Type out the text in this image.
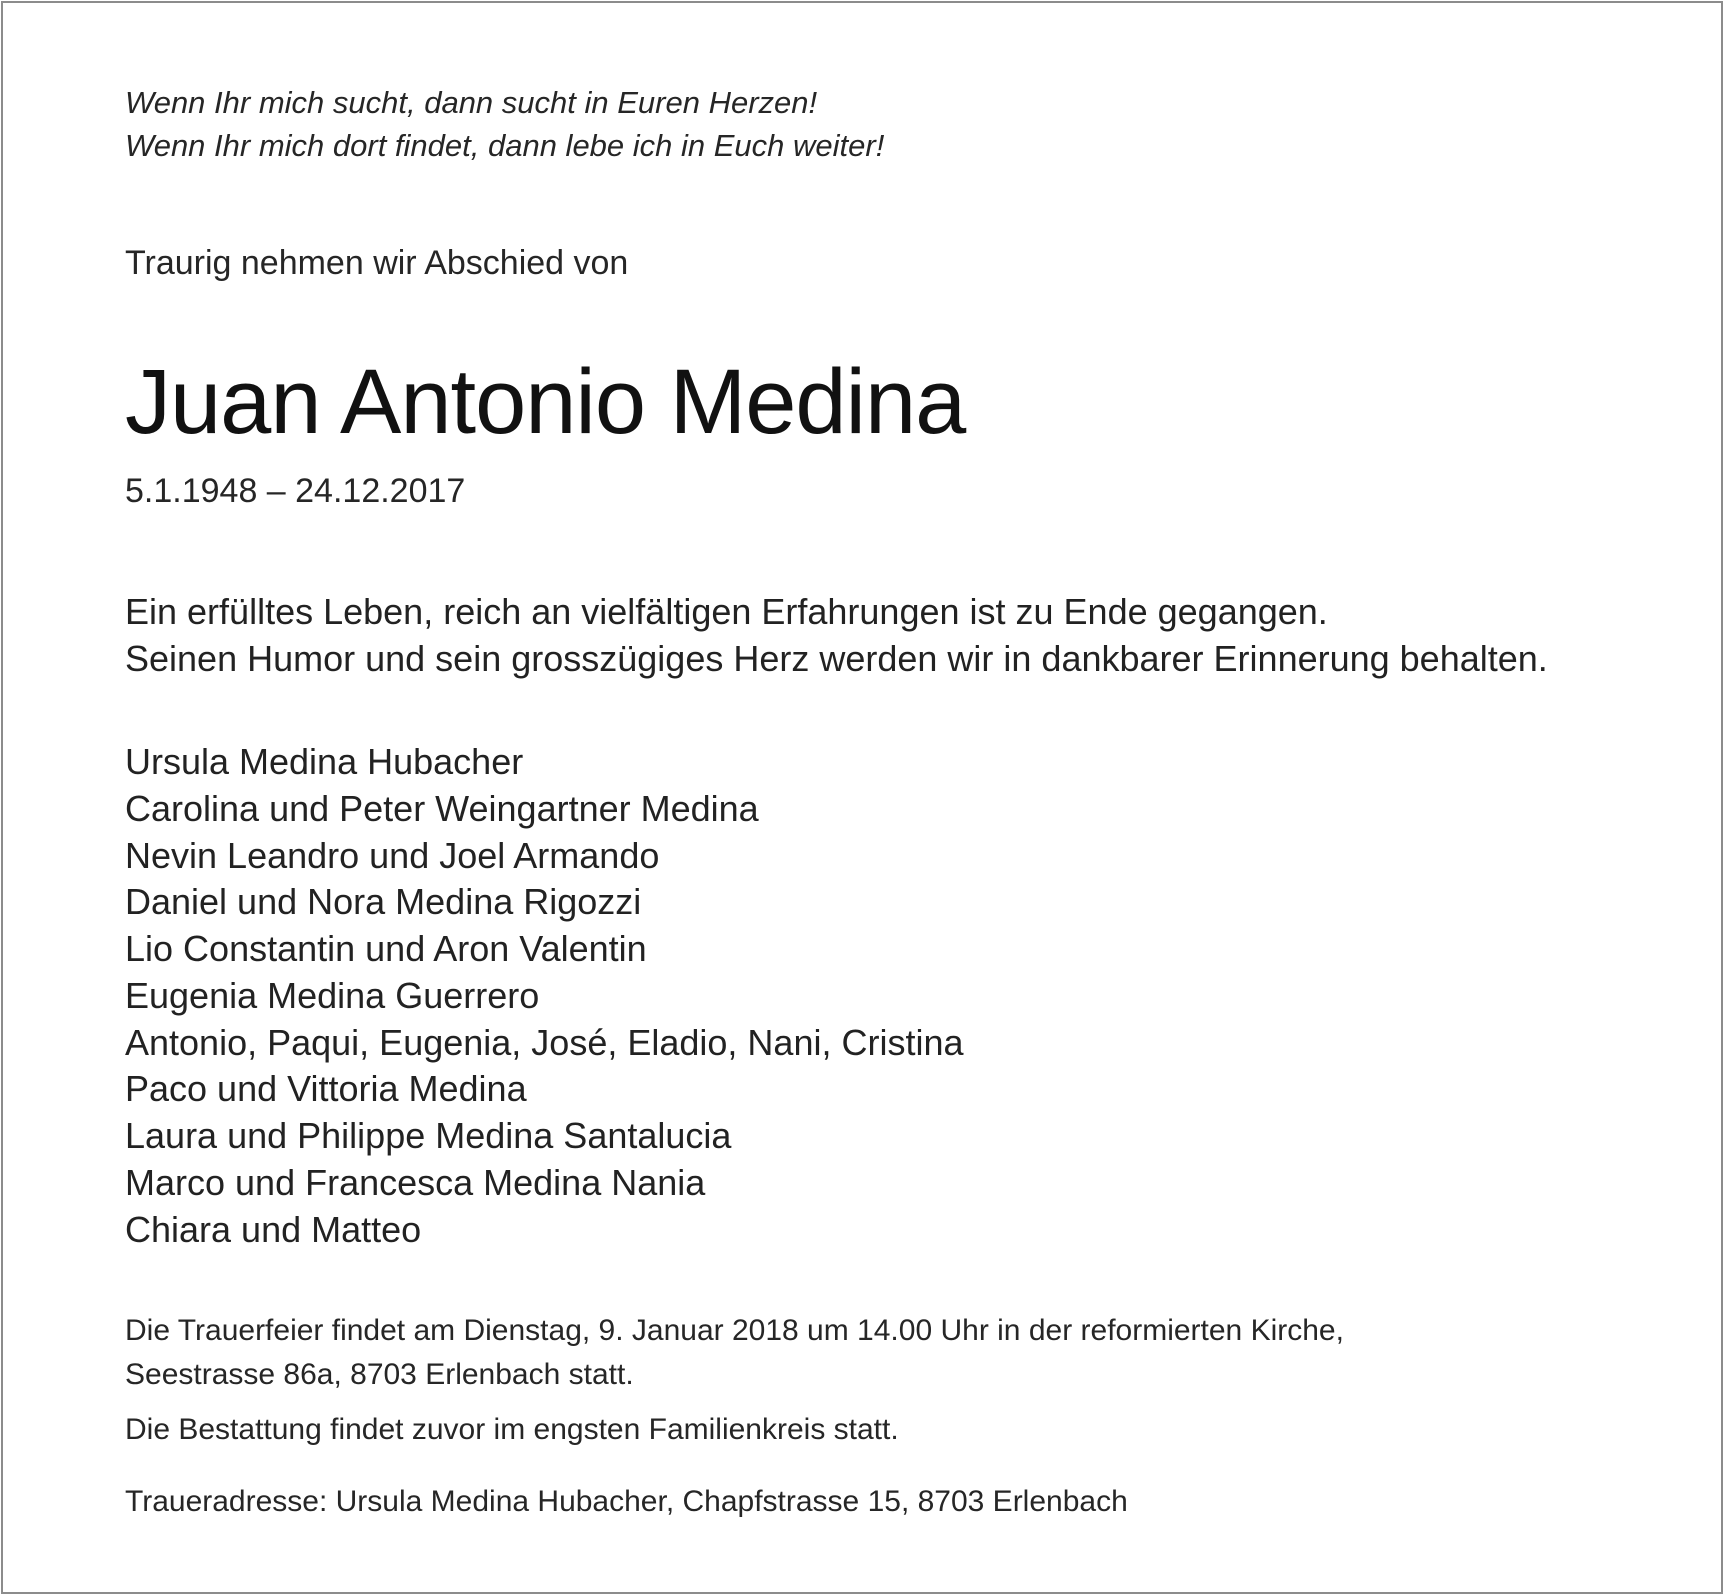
Wenn Ihr mich sucht, dann sucht in Euren Herzen!
Wenn Ihr mich dort findet, dann lebe ich in Euch weiter!
Traurig nehmen wir Abschied von
Juan Antonio Medina
5.1.1948 – 24.12.2017
Ein erfülltes Leben, reich an vielfältigen Erfahrungen ist zu Ende gegangen.
Seinen Humor und sein grosszügiges Herz werden wir in dankbarer Erinnerung behalten.
Ursula Medina Hubacher
Carolina und Peter Weingartner Medina
Nevin Leandro und Joel Armando
Daniel und Nora Medina Rigozzi
Lio Constantin und Aron Valentin
Eugenia Medina Guerrero
Antonio, Paqui, Eugenia, José, Eladio, Nani, Cristina
Paco und Vittoria Medina
Laura und Philippe Medina Santalucia
Marco und Francesca Medina Nania
Chiara und Matteo
Die Trauerfeier findet am Dienstag, 9. Januar 2018 um 14.00 Uhr in der reformierten Kirche,
Seestrasse 86a, 8703 Erlenbach statt.
Die Bestattung findet zuvor im engsten Familienkreis statt.
Traueradresse: Ursula Medina Hubacher, Chapfstrasse 15, 8703 Erlenbach
